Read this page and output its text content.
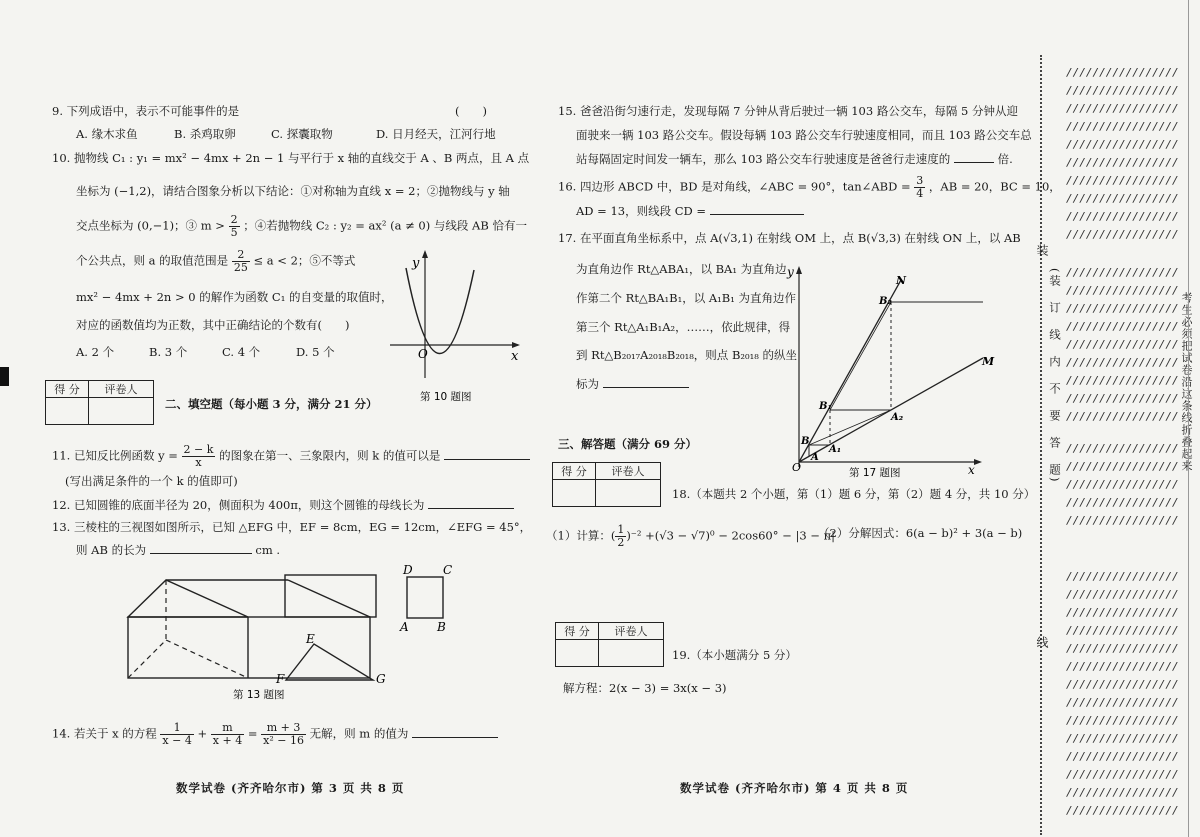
9. 下列成语中，表示不可能事件的是	(　　)
A. 缘木求鱼	B. 杀鸡取卵	C. 探囊取物	D. 日月经天，江河行地
10. 抛物线 C₁ : y₁ = mx² − 4mx + 2n − 1 与平行于 x 轴的直线交于 A 、B 两点，且 A 点
坐标为 (−1,2)，请结合图象分析以下结论：①对称轴为直线 x = 2；②抛物线与 y 轴
交点坐标为 (0,−1)；③ $m > \frac{2}{5}$ ；④若抛物线 C₂ : y₂ = ax² (a ≠ 0) 与线段 AB 恰有一
个公共点，则 a 的取值范围是 $\frac{2}{25} \le a < 2$；⑤不等式
mx² − 4mx + 2n > 0 的解作为函数 C₁ 的自变量的取值时，
对应的函数值均为正数，其中正确结论的个数有(　　)
A. 2 个	B. 3 个	C. 4 个	D. 5 个
y
x
O
第 10 题图
得 分	评卷人

二、填空题（每小题 3 分，满分 21 分）
11. 已知反比例函数 $y = \frac{2 - k}{x}$ 的图象在第一、三象限内，则 k 的值可以是
(写出满足条件的一个 k 的值即可)
12. 已知圆锥的底面半径为 20，侧面积为 400π，则这个圆锥的母线长为
13. 三棱柱的三视图如图所示，已知 △EFG 中，EF = 8cm，EG = 12cm，∠EFG = 45°，
则 AB 的长为	cm .
D	C
A B
E
F	G
第 13 题图
14. 若关于 x 的方程 $\frac{1}{x - 4} + \frac{m}{x + 4} = \frac{m + 3}{\text{x² − 16}}$ 无解，则 m 的值为
数学试卷 (齐齐哈尔市) 第 3 页 共 8 页
15. 爸爸沿街匀速行走，发现每隔 7 分钟从背后驶过一辆 103 路公交车，每隔 5 分钟从迎
面驶来一辆 103 路公交车。假设每辆 103 路公交车行驶速度相同，而且 103 路公交车总
站每隔固定时间发一辆车，那么 103 路公交车行驶速度是爸爸行走速度的	倍.
16. 四边形 ABCD 中，BD 是对角线，∠ABC = 90°，tan∠ABD = $\frac{3}{4}$ ，AB = 20，BC = 10，
AD = 13，则线段 CD =
17. 在平面直角坐标系中，点 A(√3,1) 在射线 OM 上，点 B(√3,3) 在射线 ON 上，以 AB
为直角边作 Rt△ABA₁，以 BA₁ 为直角边
作第二个 Rt△BA₁B₁，以 A₁B₁ 为直角边作
第三个 Rt△A₁B₁A₂，……，依此规律，得
到 Rt△B₂₀₁₇A₂₀₁₈B₂₀₁₈，则点 B₂₀₁₈ 的纵坐
标为
N
M
B₂
B₁
A₂
B
A₁
A
O
y
x
第 17 题图
三、解答题（满分 69 分）
得 分	评卷人

18.（本题共 2 个小题，第（1）题 6 分，第（2）题 4 分，共 10 分）
（1）计算：( $\frac{1}{2} )^{-2} +(√3 - √7)^0 - 2\cos 60^\circ - |3 - \pi|$
（2）分解因式：6(a − b)² + 3(a − b)
得 分	评卷人

19.（本小题满分 5 分）
解方程：2(x − 3) = 3x(x − 3)
数学试卷 (齐齐哈尔市) 第 4 页 共 8 页
/////////////////
/////////////////
/////////////////
/////////////////
/////////////////
/////////////////
/////////////////
/////////////////
/////////////////
/////////////////
/////////////////
/////////////////
/////////////////
/////////////////
/////////////////
/////////////////
/////////////////
/////////////////
/////////////////
/////////////////
/////////////////
/////////////////
/////////////////
/////////////////
/////////////////
/////////////////
/////////////////
/////////////////
/////////////////
/////////////////
/////////////////
/////////////////
/////////////////
/////////////////
/////////////////
/////////////////
/////////////////
/////////////////
装
(装　订　线　内　不　要　答　题)
线
考生必须把试卷沿这条线折叠起来
